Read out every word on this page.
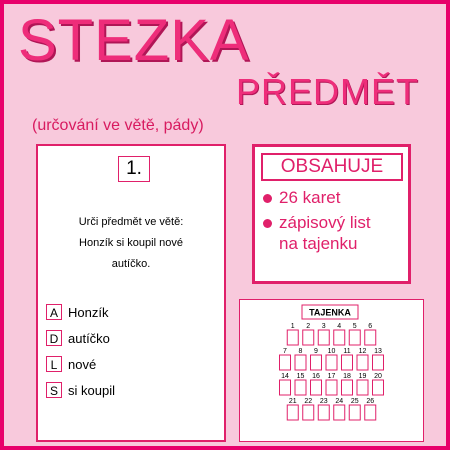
STEZKA
PŘEDMĚT
(určování ve větě, pády)
1.
Urči předmět ve větě:
Honzík si koupil nové
autíčko.
A Honzík
D autíčko
L nové
S si koupil
OBSAHUJE
26 karet
zápisový list
na tajenku
TAJENKA
1 2 3 4 5 6
7 8 9 10 11 12 13
14 15 16 17 18 19 20
21 22 23 24 25 26
